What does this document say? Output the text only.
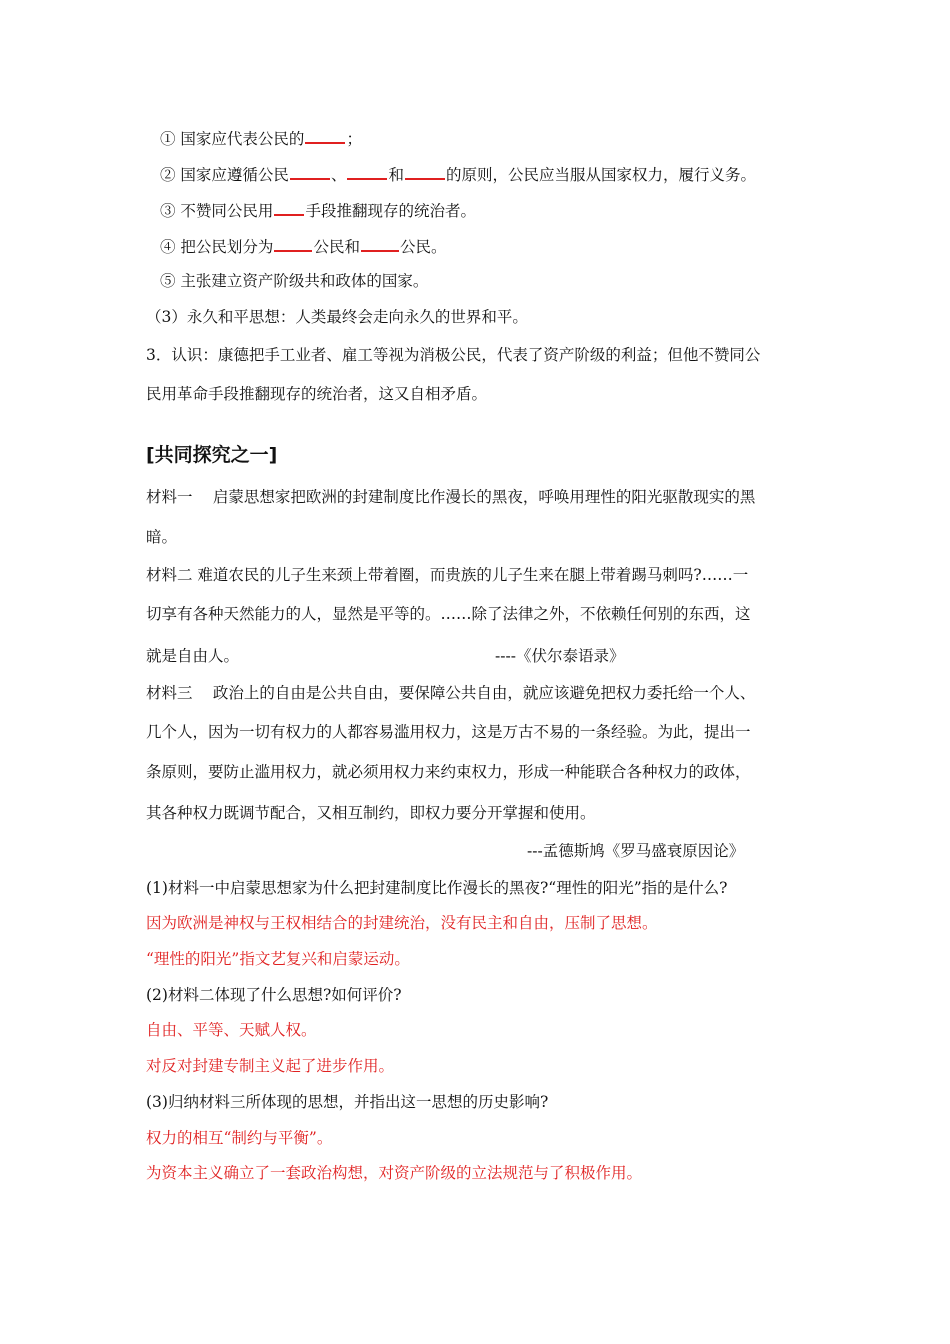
① 国家应代表公民的	；
② 国家应遵循公民	、	和	的原则，公民应当服从国家权力，履行义务。
③ 不赞同公民用 手段推翻现存的统治者。
④ 把公民划分为	公民和	公民。
⑤ 主张建立资产阶级共和政体的国家。
（3）永久和平思想：人类最终会走向永久的世界和平。
3．认识：康德把手工业者、雇工等视为消极公民，代表了资产阶级的利益；但他不赞同公
民用革命手段推翻现存的统治者，这又自相矛盾。
[共同探究之一]
材料一　 启蒙思想家把欧洲的封建制度比作漫长的黑夜，呼唤用理性的阳光驱散现实的黑
暗。
材料二 难道农民的儿子生来颈上带着圈，而贵族的儿子生来在腿上带着踢马刺吗?……一
切享有各种天然能力的人，显然是平等的。……除了法律之外，不依赖任何别的东西，这
就是自由人。	----《伏尔泰语录》
材料三　 政治上的自由是公共自由，要保障公共自由，就应该避免把权力委托给一个人、
几个人，因为一切有权力的人都容易滥用权力，这是万古不易的一条经验。为此，提出一
条原则，要防止滥用权力，就必须用权力来约束权力，形成一种能联合各种权力的政体，
其各种权力既调节配合，又相互制约，即权力要分开掌握和使用。
---孟德斯鸠《罗马盛衰原因论》
(1)材料一中启蒙思想家为什么把封建制度比作漫长的黑夜?“理性的阳光”指的是什么?
因为欧洲是神权与王权相结合的封建统治，没有民主和自由，压制了思想。
“理性的阳光”指文艺复兴和启蒙运动。
(2)材料二体现了什么思想?如何评价?
自由、平等、天赋人权。
对反对封建专制主义起了进步作用。
(3)归纳材料三所体现的思想，并指出这一思想的历史影响?
权力的相互“制约与平衡”。
为资本主义确立了一套政治构想，对资产阶级的立法规范与了积极作用。
